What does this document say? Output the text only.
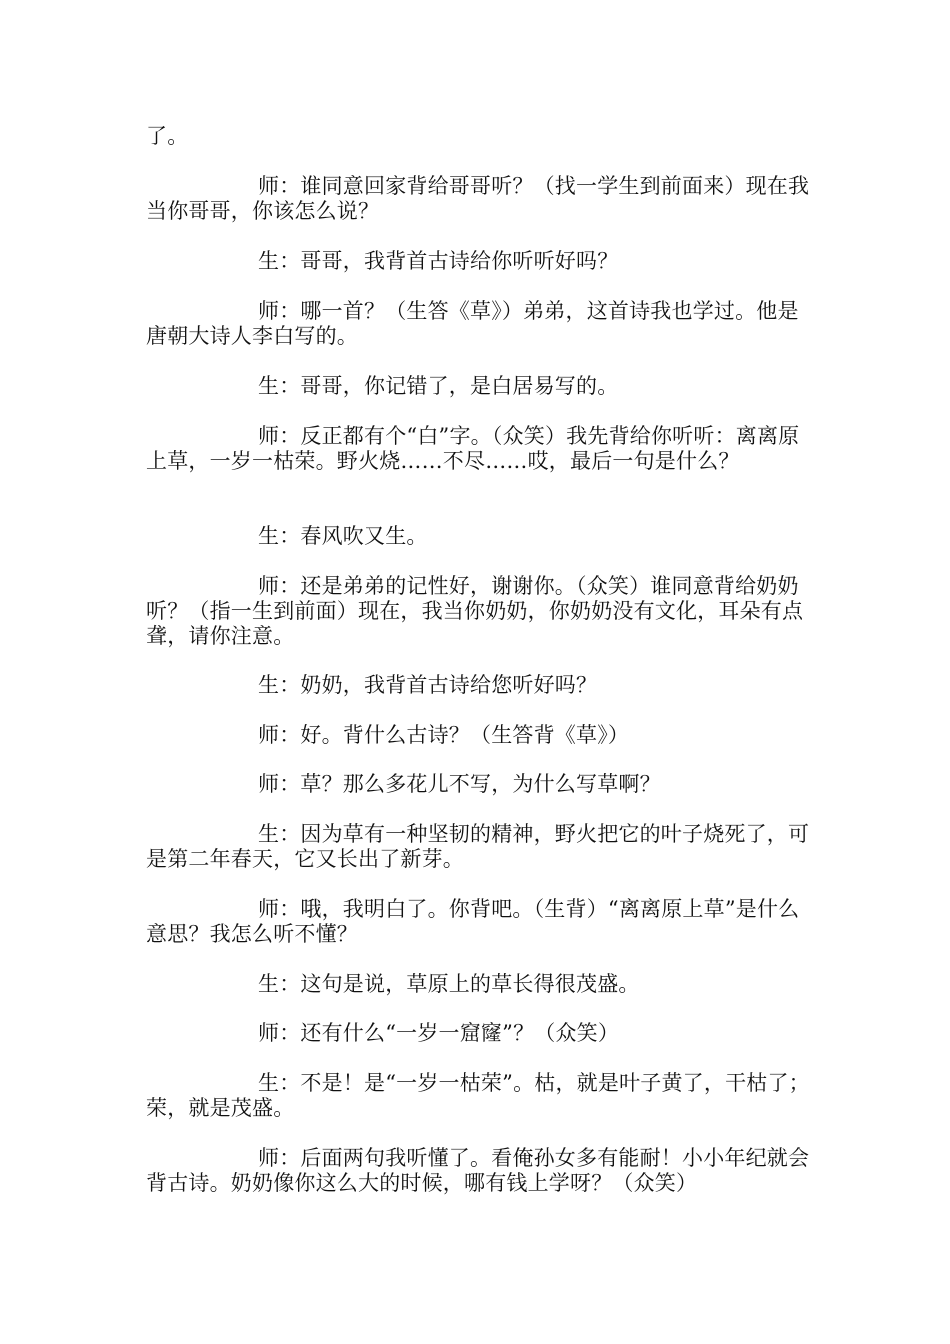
了。

师：谁同意回家背给哥哥听？（找一学生到前面来）现在我当你哥哥，你该怎么说？

生：哥哥，我背首古诗给你听听好吗？

师：哪一首？（生答《草》）弟弟，这首诗我也学过。他是唐朝大诗人李白写的。

生：哥哥，你记错了，是白居易写的。

师：反正都有个“白”字。（众笑）我先背给你听听：离离原上草，一岁一枯荣。野火烧……不尽……哎，最后一句是什么？

生：春风吹又生。

师：还是弟弟的记性好，谢谢你。（众笑）谁同意背给奶奶听？（指一生到前面）现在，我当你奶奶，你奶奶没有文化，耳朵有点聋，请你注意。

生：奶奶，我背首古诗给您听好吗？

师：好。背什么古诗？（生答背《草》）

师：草？那么多花儿不写，为什么写草啊？

生：因为草有一种坚韧的精神，野火把它的叶子烧死了，可是第二年春天，它又长出了新芽。

师：哦，我明白了。你背吧。（生背）“离离原上草”是什么意思？我怎么听不懂？

生：这句是说，草原上的草长得很茂盛。

师：还有什么“一岁一窟窿”？（众笑）

生：不是！是“一岁一枯荣”。枯，就是叶子黄了，干枯了；荣，就是茂盛。

师：后面两句我听懂了。看俺孙女多有能耐！小小年纪就会背古诗。奶奶像你这么大的时候，哪有钱上学呀？（众笑）
